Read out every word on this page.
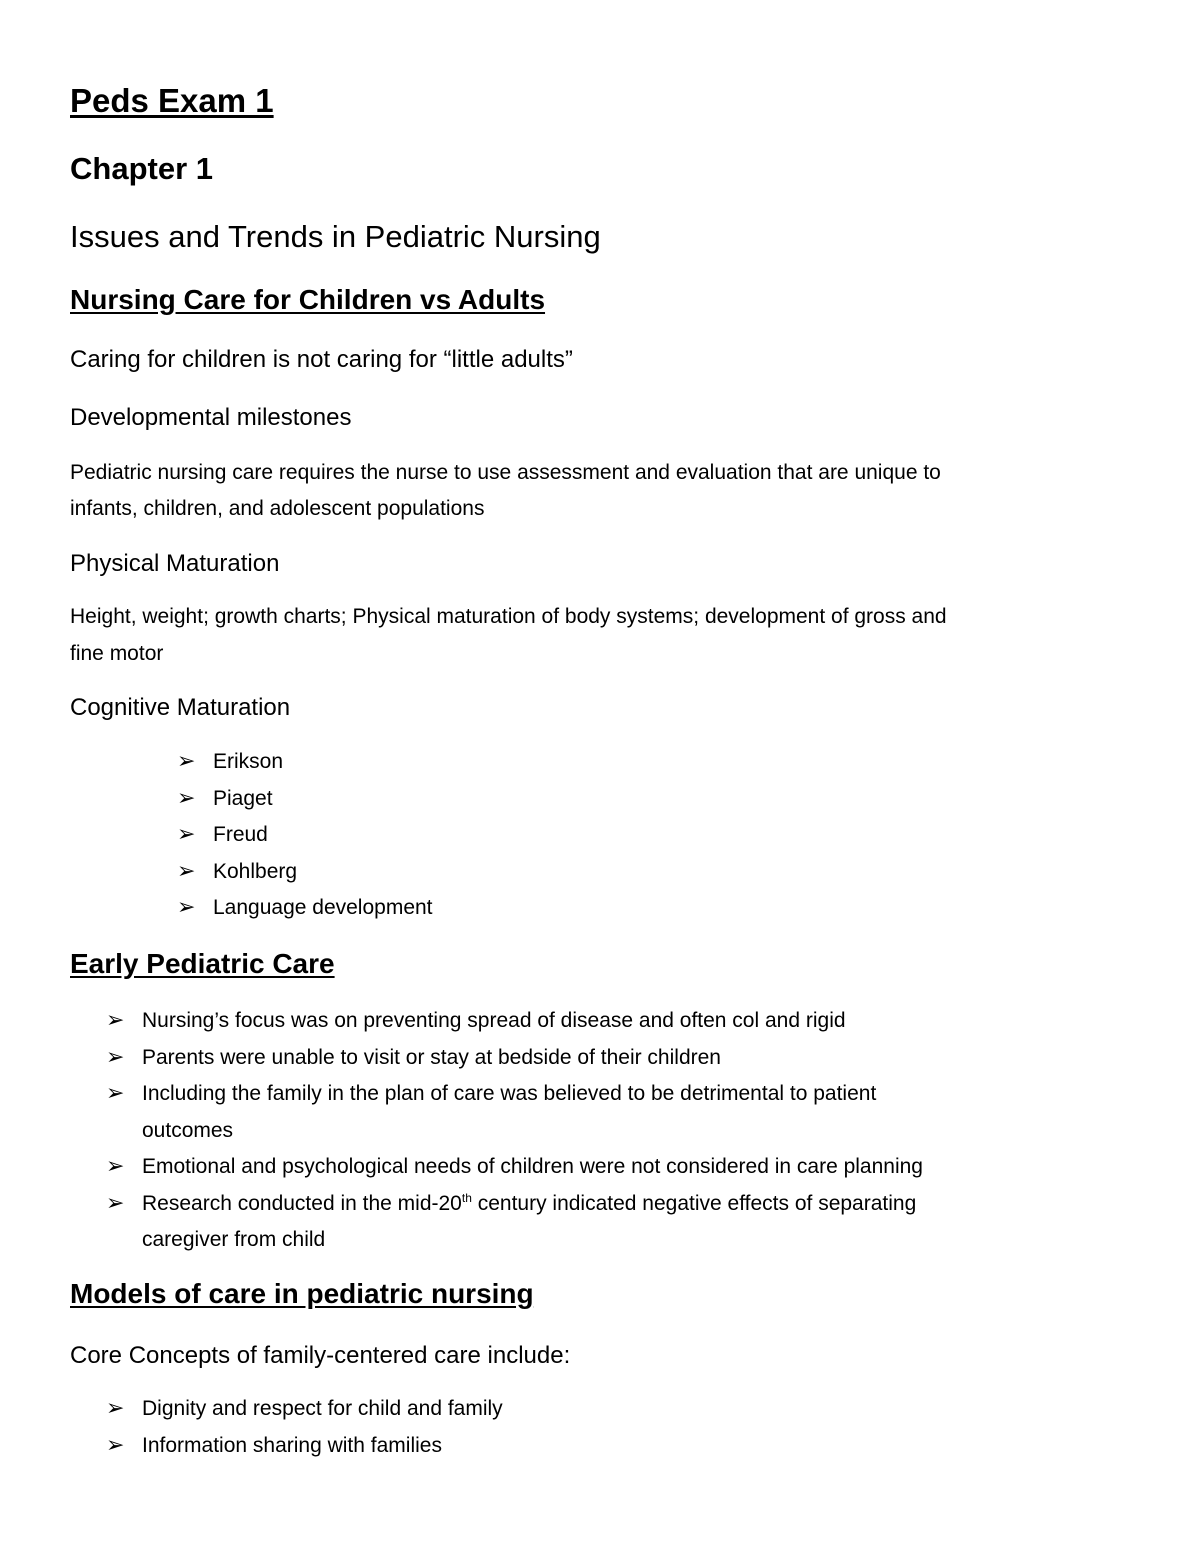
Peds Exam 1
Chapter 1
Issues and Trends in Pediatric Nursing
Nursing Care for Children vs Adults
Caring for children is not caring for “little adults”
Developmental milestones
Pediatric nursing care requires the nurse to use assessment and evaluation that are unique to
infants, children, and adolescent populations
Physical Maturation
Height, weight; growth charts; Physical maturation of body systems; development of gross and
fine motor
Cognitive Maturation
➢ Erikson
➢ Piaget
➢ Freud
➢ Kohlberg
➢ Language development
Early Pediatric Care
➢ Nursing’s focus was on preventing spread of disease and often col and rigid
➢ Parents were unable to visit or stay at bedside of their children
➢ Including the family in the plan of care was believed to be detrimental to patient
outcomes
➢ Emotional and psychological needs of children were not considered in care planning
➢ Research conducted in the mid-20th century indicated negative effects of separating
caregiver from child
Models of care in pediatric nursing
Core Concepts of family-centered care include:
➢ Dignity and respect for child and family
➢ Information sharing with families
